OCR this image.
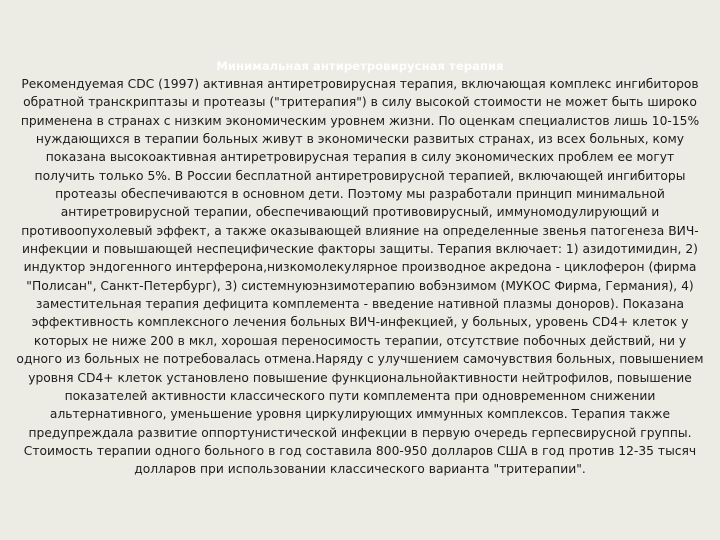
Минимальная антиретровирусная терапия

Рекомендуемая CDC (1997) активная антиретровирусная терапия, включающая комплекс ингибиторов обратной транскриптазы и протеазы ("тритерапия") в силу высокой стоимости не может быть широко применена в странах с низким экономическим уровнем жизни. По оценкам специалистов лишь 10-15% нуждающихся в терапии больных живут в экономически развитых странах, из всех больных, кому показана высокоактивная антиретровирусная терапия в силу экономических проблем ее могут получить только 5%. В России бесплатной антиретровирусной терапией, включающей ингибиторы протеазы обеспечиваются в основном дети. Поэтому мы разработали принцип минимальной антиретровирусной терапии, обеспечивающий противовирусный, иммуномодулирующий и противоопухолевый эффект, а также оказывающей влияние на определенные звенья патогенеза ВИЧ-инфекции и повышающей неспецифические факторы защиты. Терапия включает: 1) азидотимидин, 2) индуктор эндогенного интерферона,низкомолекулярное производное акредона - циклоферон (фирма "Полисан", Санкт-Петербург), 3) системнуюэнзимотерапию вобэнзимом (МУКОС Фирма, Германия), 4) заместительная терапия дефицита комплемента - введение нативной плазмы доноров). Показана эффективность комплексного лечения больных ВИЧ-инфекцией, у больных, уровень CD4+ клеток у которых не ниже 200 в мкл, хорошая переносимость терапии, отсутствие побочных действий, ни у одного из больных не потребовалась отмена.Наряду с улучшением самочувствия больных, повышением уровня CD4+ клеток установлено повышение функциональнойактивности нейтрофилов, повышение показателей активности классического пути комплемента при одновременном снижении альтернативного, уменьшение уровня циркулирующих иммунных комплексов. Терапия также предупреждала развитие оппортунистической инфекции в первую очередь герпесвирусной группы.

Стоимость терапии одного больного в год составила 800-950 долларов США в год против 12-35 тысяч долларов при использовании классического варианта "тритерапии".
